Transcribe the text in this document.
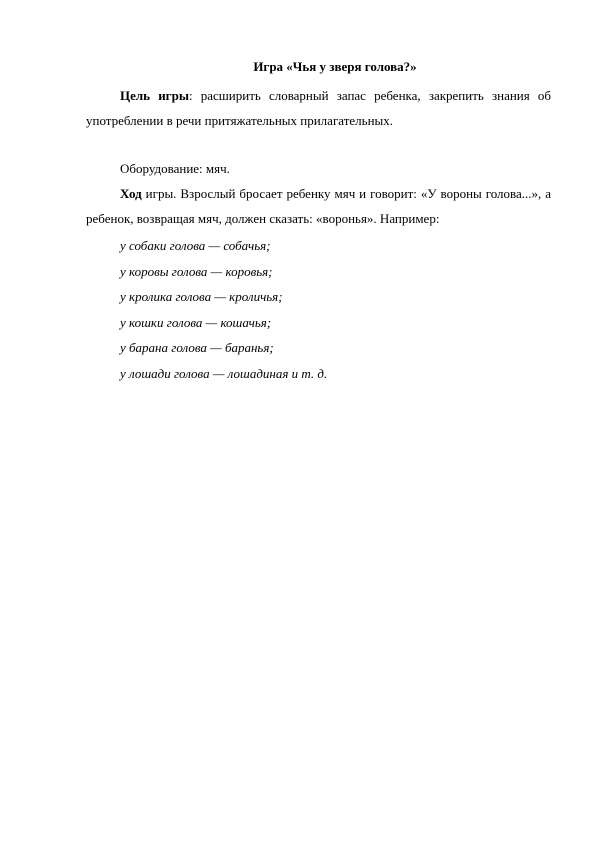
Игра «Чья у зверя голова?»
Цель игры: расширить словарный запас ребенка, закрепить знания об употреблении в речи притяжательных прилагательных.
Оборудование: мяч.
Ход игры. Взрослый бросает ребенку мяч и говорит: «У вороны голова...», а ребенок, возвращая мяч, должен сказать: «воронья». Например:
у собаки голова — собачья;
у коровы голова — коровья;
у кролика голова — кроличья;
у кошки голова — кошачья;
у барана голова — баранья;
у лошади голова — лошадиная и т. д.
